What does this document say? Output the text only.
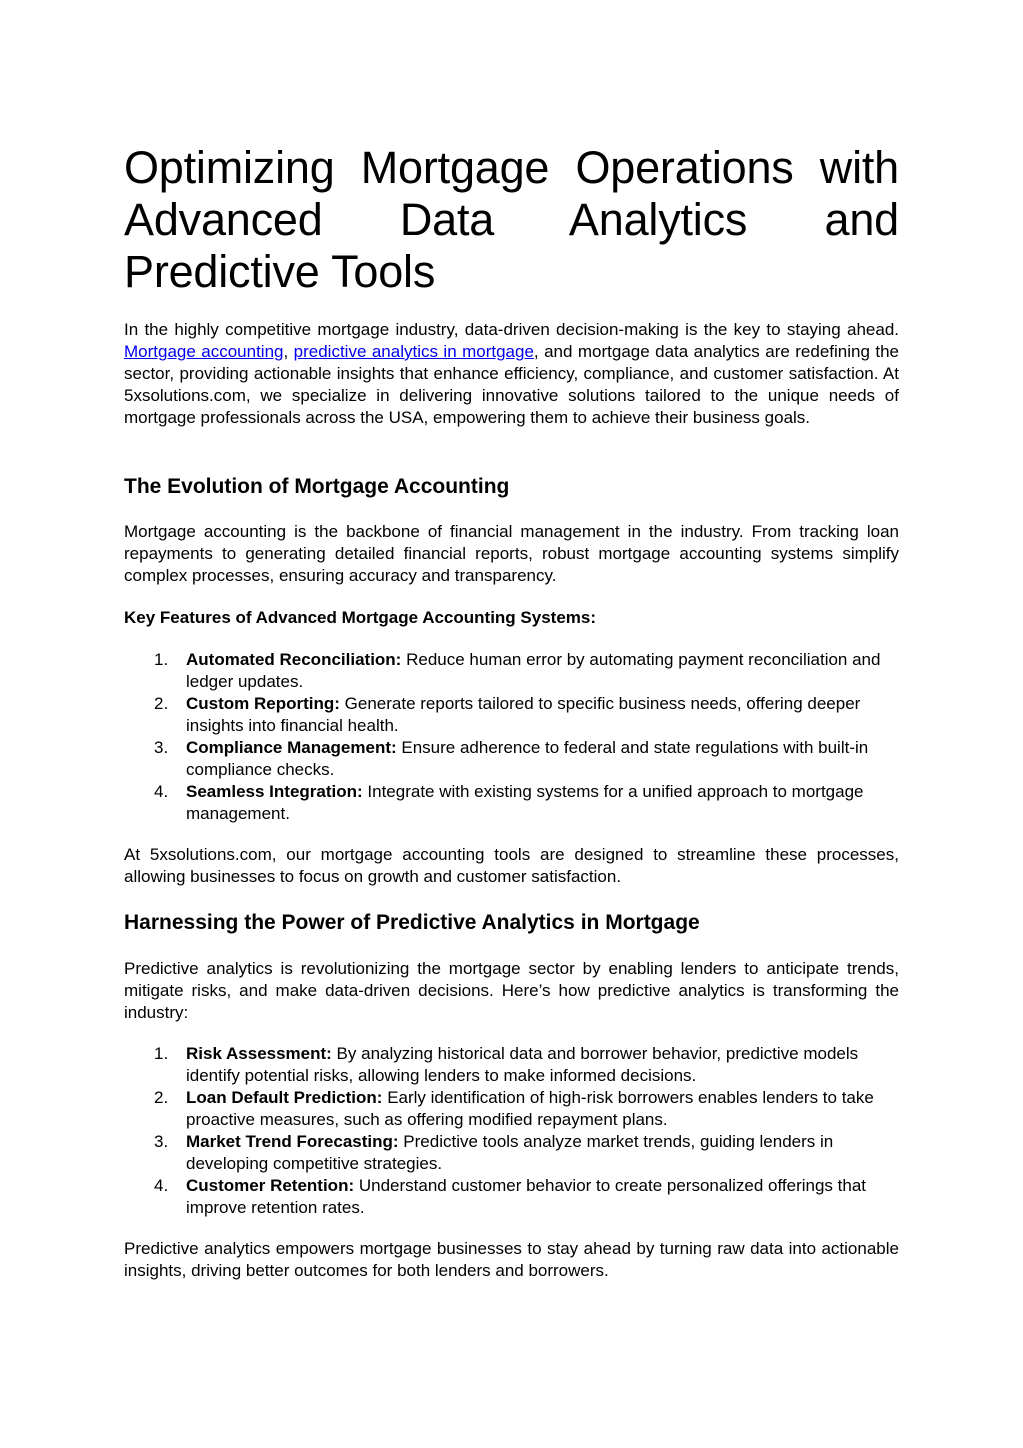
Optimizing Mortgage Operations with Advanced Data Analytics and Predictive Tools

In the highly competitive mortgage industry, data-driven decision-making is the key to staying ahead. Mortgage accounting, predictive analytics in mortgage, and mortgage data analytics are redefining the sector, providing actionable insights that enhance efficiency, compliance, and customer satisfaction. At 5xsolutions.com, we specialize in delivering innovative solutions tailored to the unique needs of mortgage professionals across the USA, empowering them to achieve their business goals.

The Evolution of Mortgage Accounting

Mortgage accounting is the backbone of financial management in the industry. From tracking loan repayments to generating detailed financial reports, robust mortgage accounting systems simplify complex processes, ensuring accuracy and transparency.

Key Features of Advanced Mortgage Accounting Systems:
1. Automated Reconciliation: Reduce human error by automating payment reconciliation and ledger updates.
2. Custom Reporting: Generate reports tailored to specific business needs, offering deeper insights into financial health.
3. Compliance Management: Ensure adherence to federal and state regulations with built-in compliance checks.
4. Seamless Integration: Integrate with existing systems for a unified approach to mortgage management.

At 5xsolutions.com, our mortgage accounting tools are designed to streamline these processes, allowing businesses to focus on growth and customer satisfaction.

Harnessing the Power of Predictive Analytics in Mortgage

Predictive analytics is revolutionizing the mortgage sector by enabling lenders to anticipate trends, mitigate risks, and make data-driven decisions. Here’s how predictive analytics is transforming the industry:

1. Risk Assessment: By analyzing historical data and borrower behavior, predictive models identify potential risks, allowing lenders to make informed decisions.
2. Loan Default Prediction: Early identification of high-risk borrowers enables lenders to take proactive measures, such as offering modified repayment plans.
3. Market Trend Forecasting: Predictive tools analyze market trends, guiding lenders in developing competitive strategies.
4. Customer Retention: Understand customer behavior to create personalized offerings that improve retention rates.

Predictive analytics empowers mortgage businesses to stay ahead by turning raw data into actionable insights, driving better outcomes for both lenders and borrowers.
